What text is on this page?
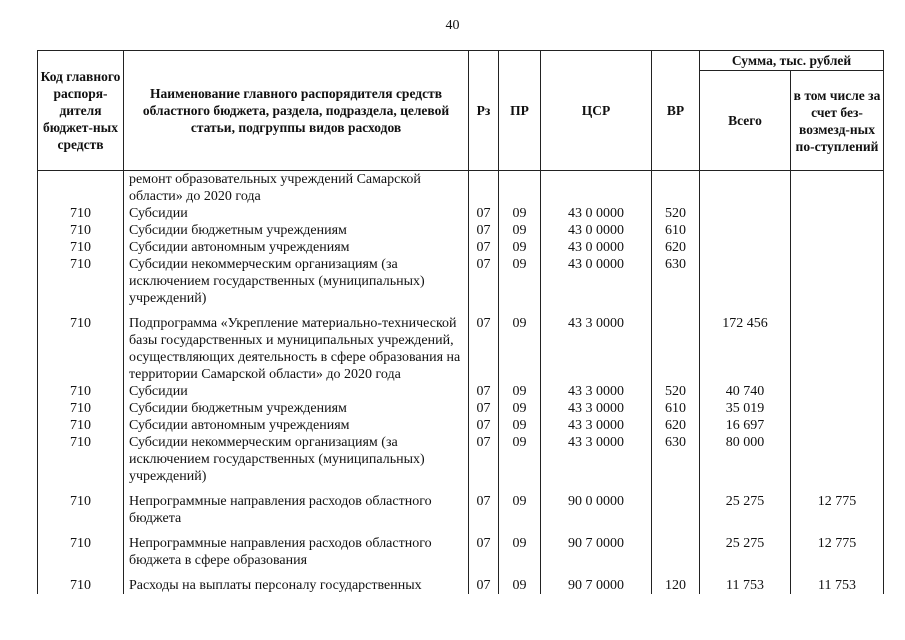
40
Код главного распоря-дителя бюджет-ных средств	Наименование главного распорядителя средств областного бюджета, раздела, подраздела, целевой статьи, подгруппы видов расходов	Рз	ПР	ЦСР	ВР	Сумма, тыс. рублей	
						Всего	в том числе за счет без-возмезд-ных по-ступлений
	ремонт образовательных учреждений Самарской области» до 2020 года						
710	Субсидии	07	09	43 0 0000	520		
710	Субсидии бюджетным учреждениям	07	09	43 0 0000	610		
710	Субсидии автономным учреждениям	07	09	43 0 0000	620		
710	Субсидии некоммерческим организациям (за исключением государственных (муниципальных) учреждений)	07	09	43 0 0000	630		
710	Подпрограмма «Укрепление материально-технической базы государственных и муниципальных учреждений, осуществляющих деятельность в сфере образования на территории Самарской области» до 2020 года	07	09	43 3 0000		172 456	
710	Субсидии	07	09	43 3 0000	520	40 740	
710	Субсидии бюджетным учреждениям	07	09	43 3 0000	610	35 019	
710	Субсидии автономным учреждениям	07	09	43 3 0000	620	16 697	
710	Субсидии некоммерческим организациям (за исключением государственных (муниципальных) учреждений)	07	09	43 3 0000	630	80 000	
710	Непрограммные направления расходов областного бюджета	07	09	90 0 0000		25 275	12 775
710	Непрограммные направления расходов областного бюджета в сфере образования	07	09	90 7 0000		25 275	12 775
710	Расходы на выплаты персоналу государственных	07	09	90 7 0000	120	11 753	11 753
